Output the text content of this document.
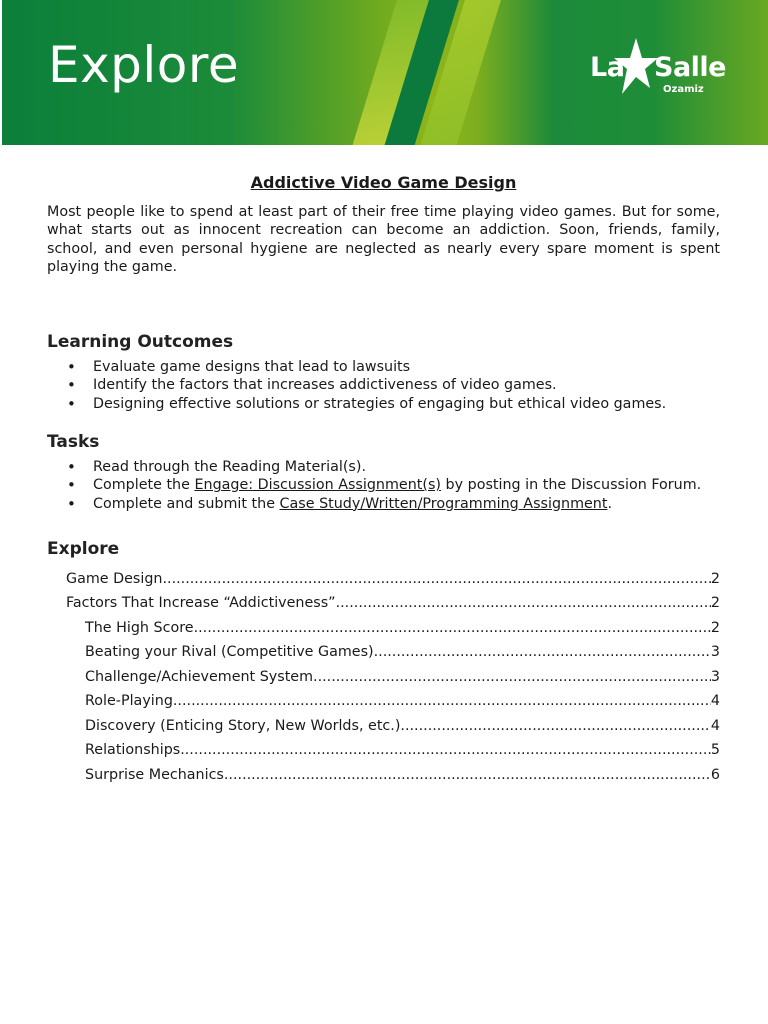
Explore	La Salle
Ozamiz
Addictive Video Game Design

Most people like to spend at least part of their free time playing video games. But for some, what starts out as innocent recreation can become an addiction. Soon, friends, family, school, and even personal hygiene are neglected as nearly every spare moment is spent playing the game.

Learning Outcomes
• Evaluate game designs that lead to lawsuits
• Identify the factors that increases addictiveness of video games.
• Designing effective solutions or strategies of engaging but ethical video games.
Tasks
• Read through the Reading Material(s).
• Complete the Engage: Discussion Assignment(s) by posting in the Discussion Forum.
• Complete and submit the Case Study/Written/Programming Assignment.
Explore
Game Design .....	2
Factors That Increase “Addictiveness” .....	2
The High Score .....	2
Beating your Rival (Competitive Games) .....	3
Challenge/Achievement System .....	3
Role-Playing .....	4
Discovery (Enticing Story, New Worlds, etc.) .....	4
Relationships .....	5
Surprise Mechanics .....	6
